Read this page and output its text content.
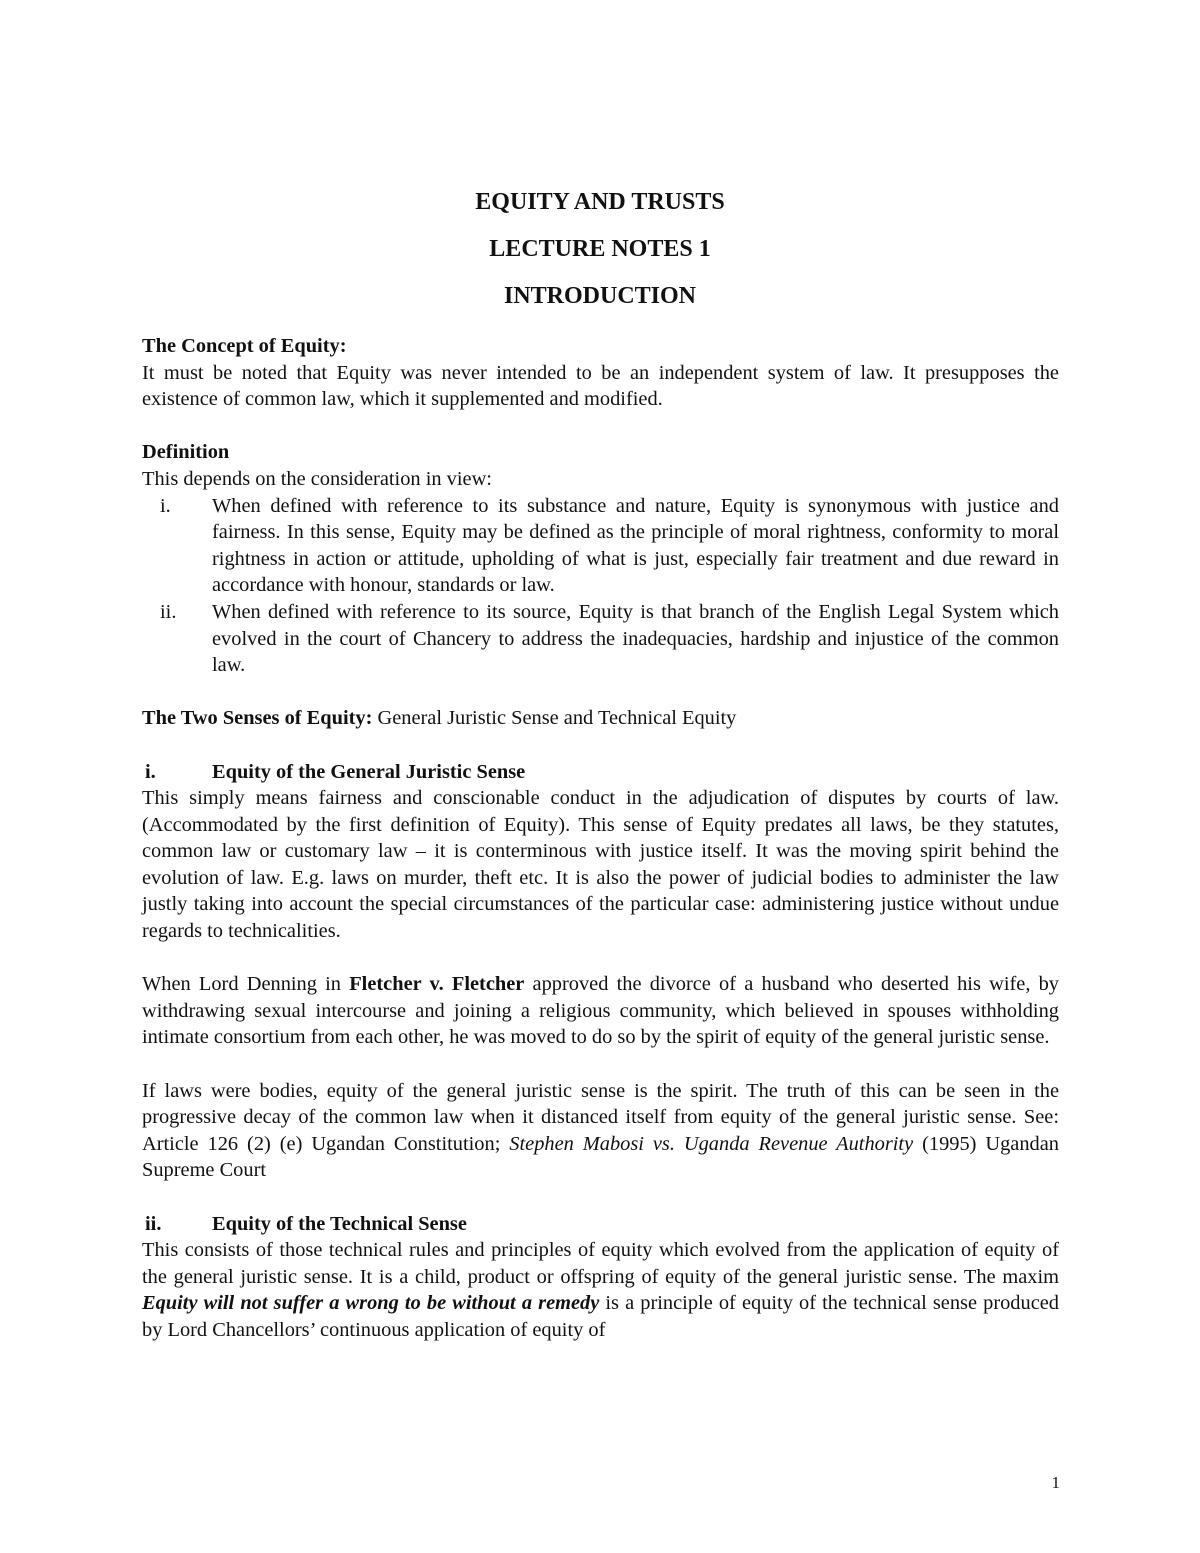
EQUITY AND TRUSTS

LECTURE NOTES 1

INTRODUCTION

The Concept of Equity:

It must be noted that Equity was never intended to be an independent system of law. It presupposes the existence of common law, which it supplemented and modified.

Definition

This depends on the consideration in view:

i. When defined with reference to its substance and nature, Equity is synonymous with justice and fairness. In this sense, Equity may be defined as the principle of moral rightness, conformity to moral rightness in action or attitude, upholding of what is just, especially fair treatment and due reward in accordance with honour, standards or law.
ii. When defined with reference to its source, Equity is that branch of the English Legal System which evolved in the court of Chancery to address the inadequacies, hardship and injustice of the common law.

The Two Senses of Equity: General Juristic Sense and Technical Equity

i.	Equity of the General Juristic Sense

This simply means fairness and conscionable conduct in the adjudication of disputes by courts of law. (Accommodated by the first definition of Equity). This sense of Equity predates all laws, be they statutes, common law or customary law – it is conterminous with justice itself. It was the moving spirit behind the evolution of law. E.g. laws on murder, theft etc. It is also the power of judicial bodies to administer the law justly taking into account the special circumstances of the particular case: administering justice without undue regards to technicalities.

When Lord Denning in Fletcher v. Fletcher approved the divorce of a husband who deserted his wife, by withdrawing sexual intercourse and joining a religious community, which believed in spouses withholding intimate consortium from each other, he was moved to do so by the spirit of equity of the general juristic sense.

If laws were bodies, equity of the general juristic sense is the spirit. The truth of this can be seen in the progressive decay of the common law when it distanced itself from equity of the general juristic sense. See: Article 126 (2) (e) Ugandan Constitution; Stephen Mabosi vs. Uganda Revenue Authority (1995) Ugandan Supreme Court

ii. Equity of the Technical Sense

This consists of those technical rules and principles of equity which evolved from the application of equity of the general juristic sense. It is a child, product or offspring of equity of the general juristic sense. The maxim Equity will not suffer a wrong to be without a remedy is a principle of equity of the technical sense produced by Lord Chancellors’ continuous application of equity of

1
